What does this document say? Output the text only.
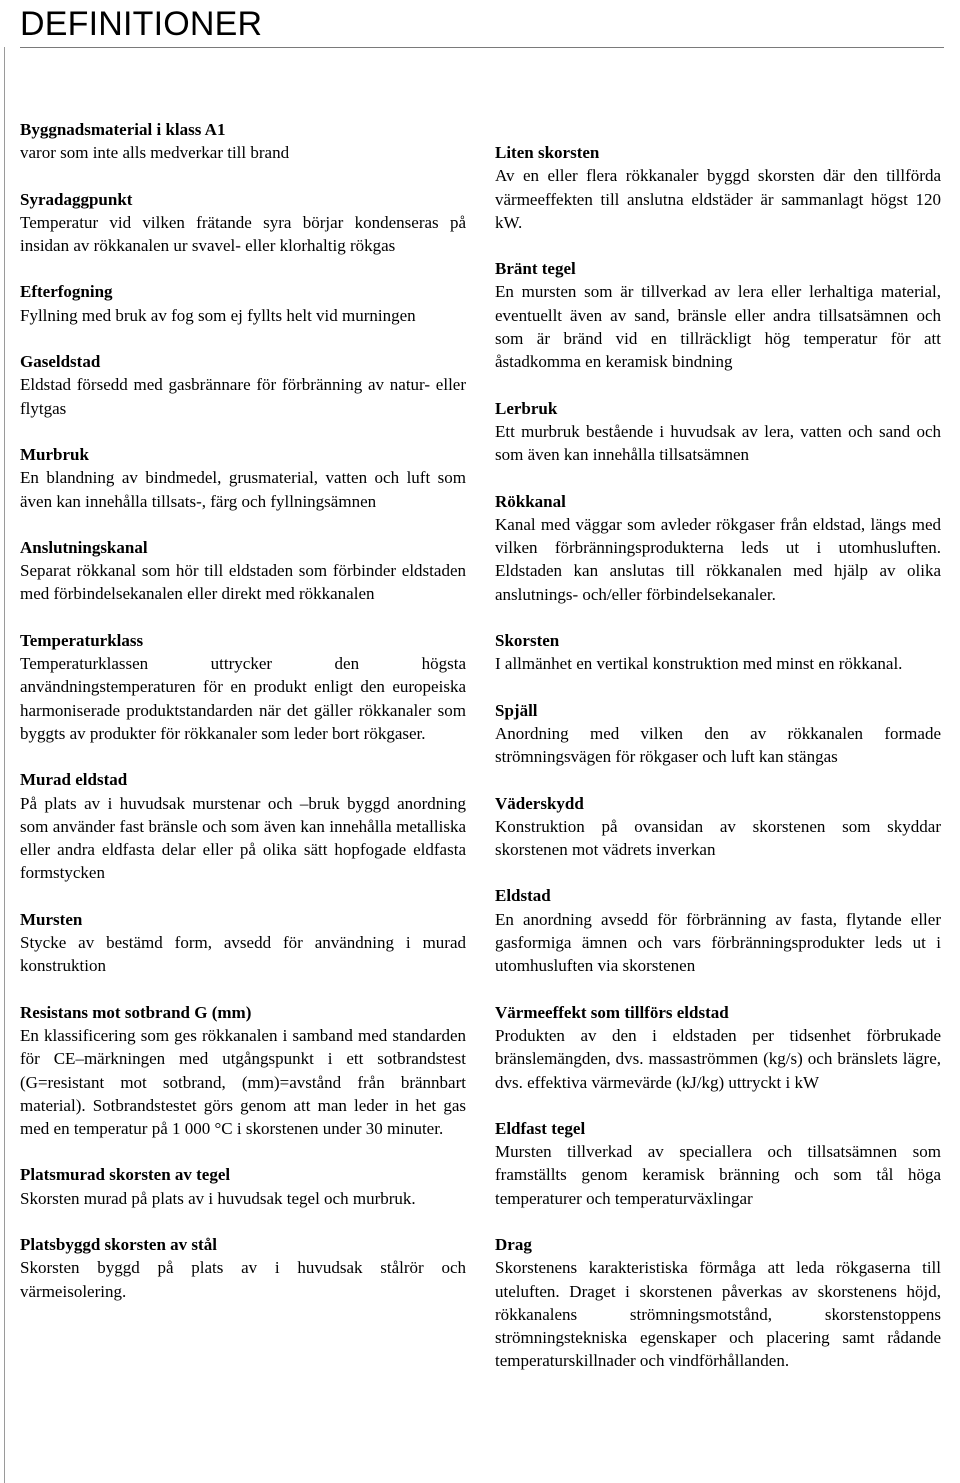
DEFINITIONER
Byggnadsmaterial i klass A1
varor som inte alls medverkar till brand
Syradaggpunkt
Temperatur vid vilken frätande syra börjar kondenseras på insidan av rökkanalen ur svavel- eller klorhaltig rökgas
Efterfogning
Fyllning med bruk av fog som ej fyllts helt vid murningen
Gaseldstad
Eldstad försedd med gasbrännare för förbränning av natur- eller flytgas
Murbruk
En blandning av bindmedel, grusmaterial, vatten och luft som även kan innehålla tillsats-, färg och fyllningsämnen
Anslutningskanal
Separat rökkanal som hör till eldstaden som förbinder eldstaden med förbindelsekanalen eller direkt med rökkanalen
Temperaturklass
Temperaturklassen uttrycker den högsta användningstemperaturen för en produkt enligt den europeiska harmoniserade produktstandarden när det gäller rökkanaler som byggts av produkter för rökkanaler som leder bort rökgaser.
Murad eldstad
På plats av i huvudsak murstenar och –bruk byggd anordning som använder fast bränsle och som även kan innehålla metalliska eller andra eldfasta delar eller på olika sätt hopfogade eldfasta formstycken
Mursten
Stycke av bestämd form, avsedd för användning i murad konstruktion
Resistans mot sotbrand G (mm)
En klassificering som ges rökkanalen i samband med standarden för CE–märkningen med utgångspunkt i ett sotbrandstest (G=resistant mot sotbrand, (mm)=avstånd från brännbart material). Sotbrandstestet görs genom att man leder in het gas med en temperatur på 1 000 °C i skorstenen under 30 minuter.
Platsmurad skorsten av tegel
Skorsten murad på plats av i huvudsak tegel och murbruk.
Platsbyggd skorsten av stål
Skorsten byggd på plats av i huvudsak stålrör och värmeisolering.
Liten skorsten
Av en eller flera rökkanaler byggd skorsten där den tillförda värmeeffekten till anslutna eldstäder är sammanlagt högst 120 kW.
Bränt tegel
En mursten som är tillverkad av lera eller lerhaltiga material, eventuellt även av sand, bränsle eller andra tillsatsämnen och som är bränd vid en tillräckligt hög temperatur för att åstadkomma en keramisk bindning
Lerbruk
Ett murbruk bestående i huvudsak av lera, vatten och sand och som även kan innehålla tillsatsämnen
Rökkanal
Kanal med väggar som avleder rökgaser från eldstad, längs med vilken förbränningsprodukterna leds ut i utomhusluften. Eldstaden kan anslutas till rökkanalen med hjälp av olika anslutnings- och/eller förbindelsekanaler.
Skorsten
I allmänhet en vertikal konstruktion med minst en rökkanal.
Spjäll
Anordning med vilken den av rökkanalen formade strömningsvägen för rökgaser och luft kan stängas
Väderskydd
Konstruktion på ovansidan av skorstenen som skyddar skorstenen mot vädrets inverkan
Eldstad
En anordning avsedd för förbränning av fasta, flytande eller gasformiga ämnen och vars förbränningsprodukter leds ut i utomhusluften via skorstenen
Värmeeffekt som tillförs eldstad
Produkten av den i eldstaden per tidsenhet förbrukade bränslemängden, dvs. massaströmmen (kg/s) och bränslets lägre, dvs. effektiva värmevärde (kJ/kg) uttryckt i kW
Eldfast tegel
Mursten tillverkad av speciallera och tillsatsämnen som framställts genom keramisk bränning och som tål höga temperaturer och temperaturväxlingar
Drag
Skorstenens karakteristiska förmåga att leda rökgaserna till uteluften. Draget i skorstenen påverkas av skorstenens höjd, rökkanalens strömningsmotstånd, skorstenstoppens strömningstekniska egenskaper och placering samt rådande temperaturskillnader och vindförhållanden.
